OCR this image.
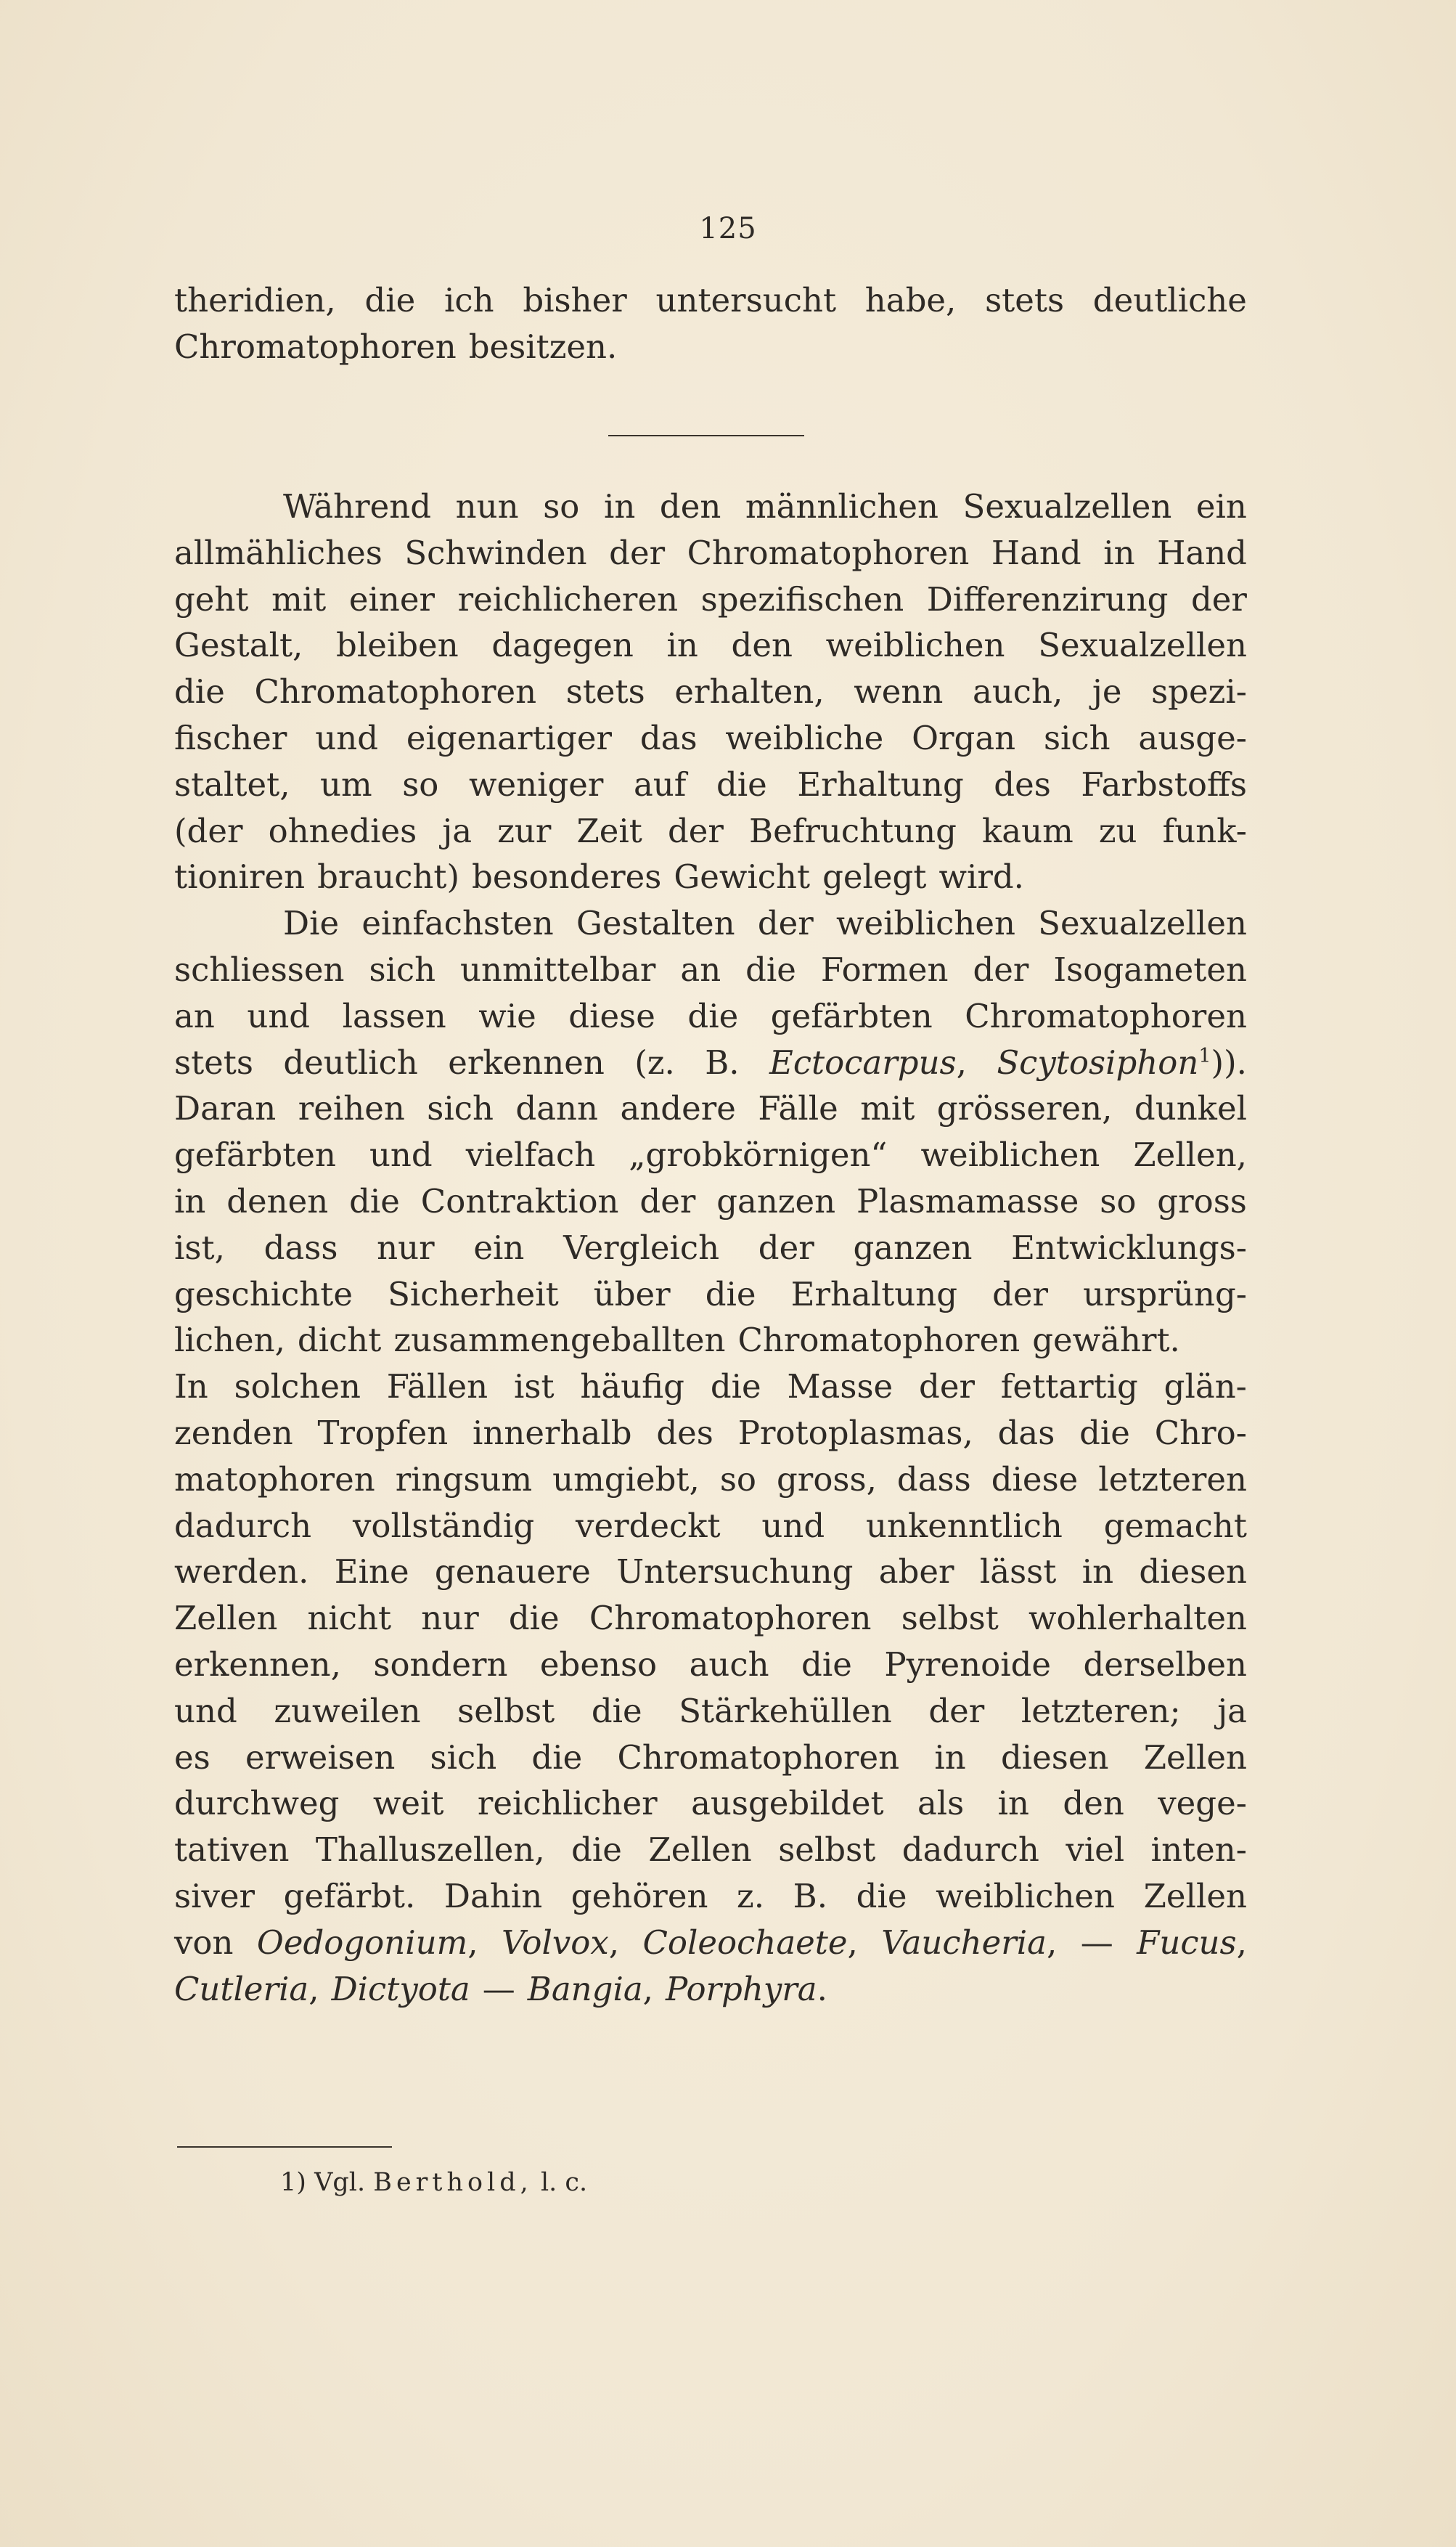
125
theridien, die ich bisher untersucht habe, stets deutliche
Chromatophoren besitzen.
Während nun so in den männlichen Sexualzellen ein
allmähliches Schwinden der Chromatophoren Hand in Hand
geht mit einer reichlicheren spezifischen Differenzirung der
Gestalt, bleiben dagegen in den weiblichen Sexualzellen
die Chromatophoren stets erhalten, wenn auch, je spezi-
fischer und eigenartiger das weibliche Organ sich ausge-
staltet, um so weniger auf die Erhaltung des Farbstoffs
(der ohnedies ja zur Zeit der Befruchtung kaum zu funk-
tioniren braucht) besonderes Gewicht gelegt wird.
Die einfachsten Gestalten der weiblichen Sexualzellen
schliessen sich unmittelbar an die Formen der Isogameten
an und lassen wie diese die gefärbten Chromatophoren
stets deutlich erkennen (z. B. Ectocarpus, Scytosiphon$^1$)).
Daran reihen sich dann andere Fälle mit grösseren, dunkel
gefärbten und vielfach „grobkörnigen“ weiblichen Zellen,
in denen die Contraktion der ganzen Plasmamasse so gross
ist, dass nur ein Vergleich der ganzen Entwicklungs-
geschichte Sicherheit über die Erhaltung der ursprüng-
lichen, dicht zusammengeballten Chromatophoren gewährt.
In solchen Fällen ist häufig die Masse der fettartig glän-
zenden Tropfen innerhalb des Protoplasmas, das die Chro-
matophoren ringsum umgiebt, so gross, dass diese letzteren
dadurch vollständig verdeckt und unkenntlich gemacht
werden. Eine genauere Untersuchung aber lässt in diesen
Zellen nicht nur die Chromatophoren selbst wohlerhalten
erkennen, sondern ebenso auch die Pyrenoide derselben
und zuweilen selbst die Stärkehüllen der letzteren; ja
es erweisen sich die Chromatophoren in diesen Zellen
durchweg weit reichlicher ausgebildet als in den vege-
tativen Thalluszellen, die Zellen selbst dadurch viel inten-
siver gefärbt. Dahin gehören z. B. die weiblichen Zellen
von Oedogonium, Volvox, Coleochaete, Vaucheria, — Fucus,
Cutleria, Dictyota — Bangia, Porphyra.
1) Vgl. Berthold, l. c.
